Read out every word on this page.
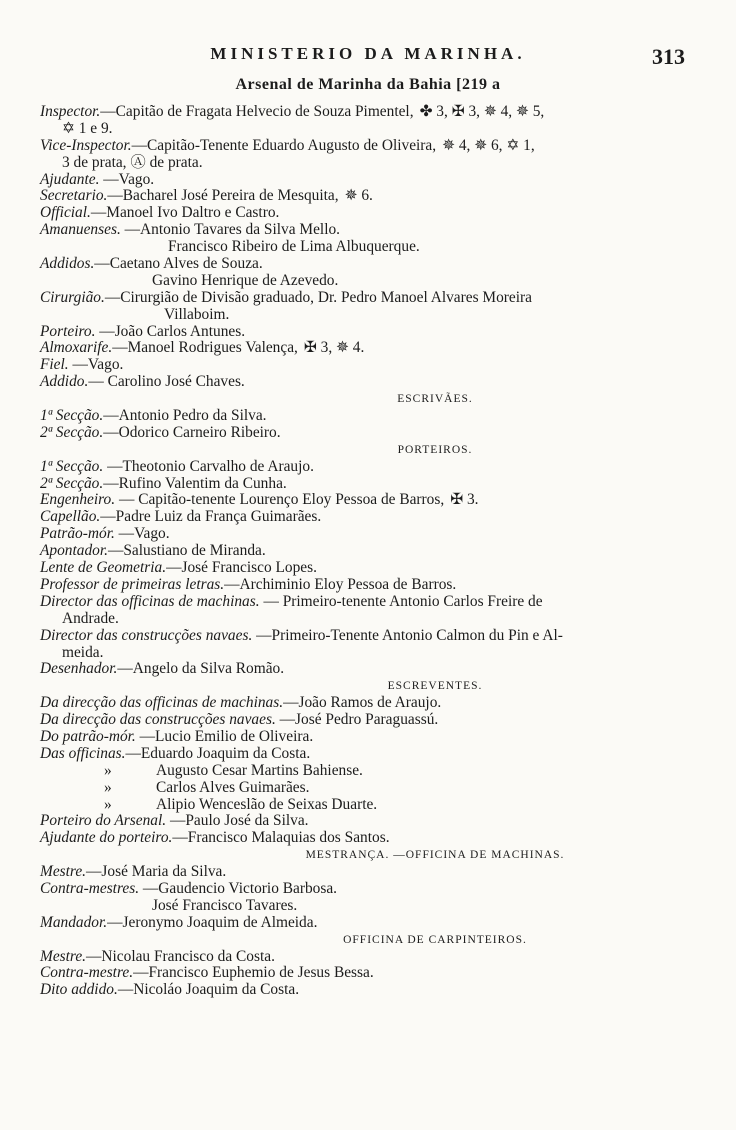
MINISTERIO DA MARINHA.	313
Arsenal de Marinha da Bahia [219 a
Inspector.—Capitão de Fragata Helvecio de Souza Pimentel, ✤ 3, ✠ 3, ✵ 4, ✵ 5,
✡ 1 e 9.
Vice-Inspector.—Capitão-Tenente Eduardo Augusto de Oliveira, ✵ 4, ✵ 6, ✡ 1,
3 de prata, Ⓐ de prata.
Ajudante. —Vago.
Secretario.—Bacharel José Pereira de Mesquita, ✵ 6.
Official.—Manoel Ivo Daltro e Castro.
Amanuenses. —Antonio Tavares da Silva Mello.
Francisco Ribeiro de Lima Albuquerque.
Addidos.—Caetano Alves de Souza.
Gavino Henrique de Azevedo.
Cirurgião.—Cirurgião de Divisão graduado, Dr. Pedro Manoel Alvares Moreira
Villaboim.
Porteiro. —João Carlos Antunes.
Almoxarife.—Manoel Rodrigues Valença, ✠ 3, ✵ 4.
Fiel. —Vago.
Addido.— Carolino José Chaves.
ESCRIVÃES.
1ª Secção.—Antonio Pedro da Silva.
2ª Secção.—Odorico Carneiro Ribeiro.
PORTEIROS.
1ª Secção. —Theotonio Carvalho de Araujo.
2ª Secção.—Rufino Valentim da Cunha.
Engenheiro. — Capitão-tenente Lourenço Eloy Pessoa de Barros, ✠ 3.
Capellão.—Padre Luiz da França Guimarães.
Patrão-mór. —Vago.
Apontador.—Salustiano de Miranda.
Lente de Geometria.—José Francisco Lopes.
Professor de primeiras letras.—Archiminio Eloy Pessoa de Barros.
Director das officinas de machinas. — Primeiro-tenente Antonio Carlos Freire de
Andrade.
Director das construcções navaes. —Primeiro-Tenente Antonio Calmon du Pin e Al-
meida.
Desenhador.—Angelo da Silva Romão.
ESCREVENTES.
Da direcção das officinas de machinas.—João Ramos de Araujo.
Da direcção das construcções navaes. —José Pedro Paraguassú.
Do patrão-mór. —Lucio Emilio de Oliveira.
Das officinas.—Eduardo Joaquim da Costa.
»	Augusto Cesar Martins Bahiense.
»	Carlos Alves Guimarães.
»	Alipio Wenceslão de Seixas Duarte.
Porteiro do Arsenal. —Paulo José da Silva.
Ajudante do porteiro.—Francisco Malaquias dos Santos.
MESTRANÇA. —OFFICINA DE MACHINAS.
Mestre.—José Maria da Silva.
Contra-mestres. —Gaudencio Victorio Barbosa.
José Francisco Tavares.
Mandador.—Jeronymo Joaquim de Almeida.
OFFICINA DE CARPINTEIROS.
Mestre.—Nicolau Francisco da Costa.
Contra-mestre.—Francisco Euphemio de Jesus Bessa.
Dito addido.—Nicoláo Joaquim da Costa.
